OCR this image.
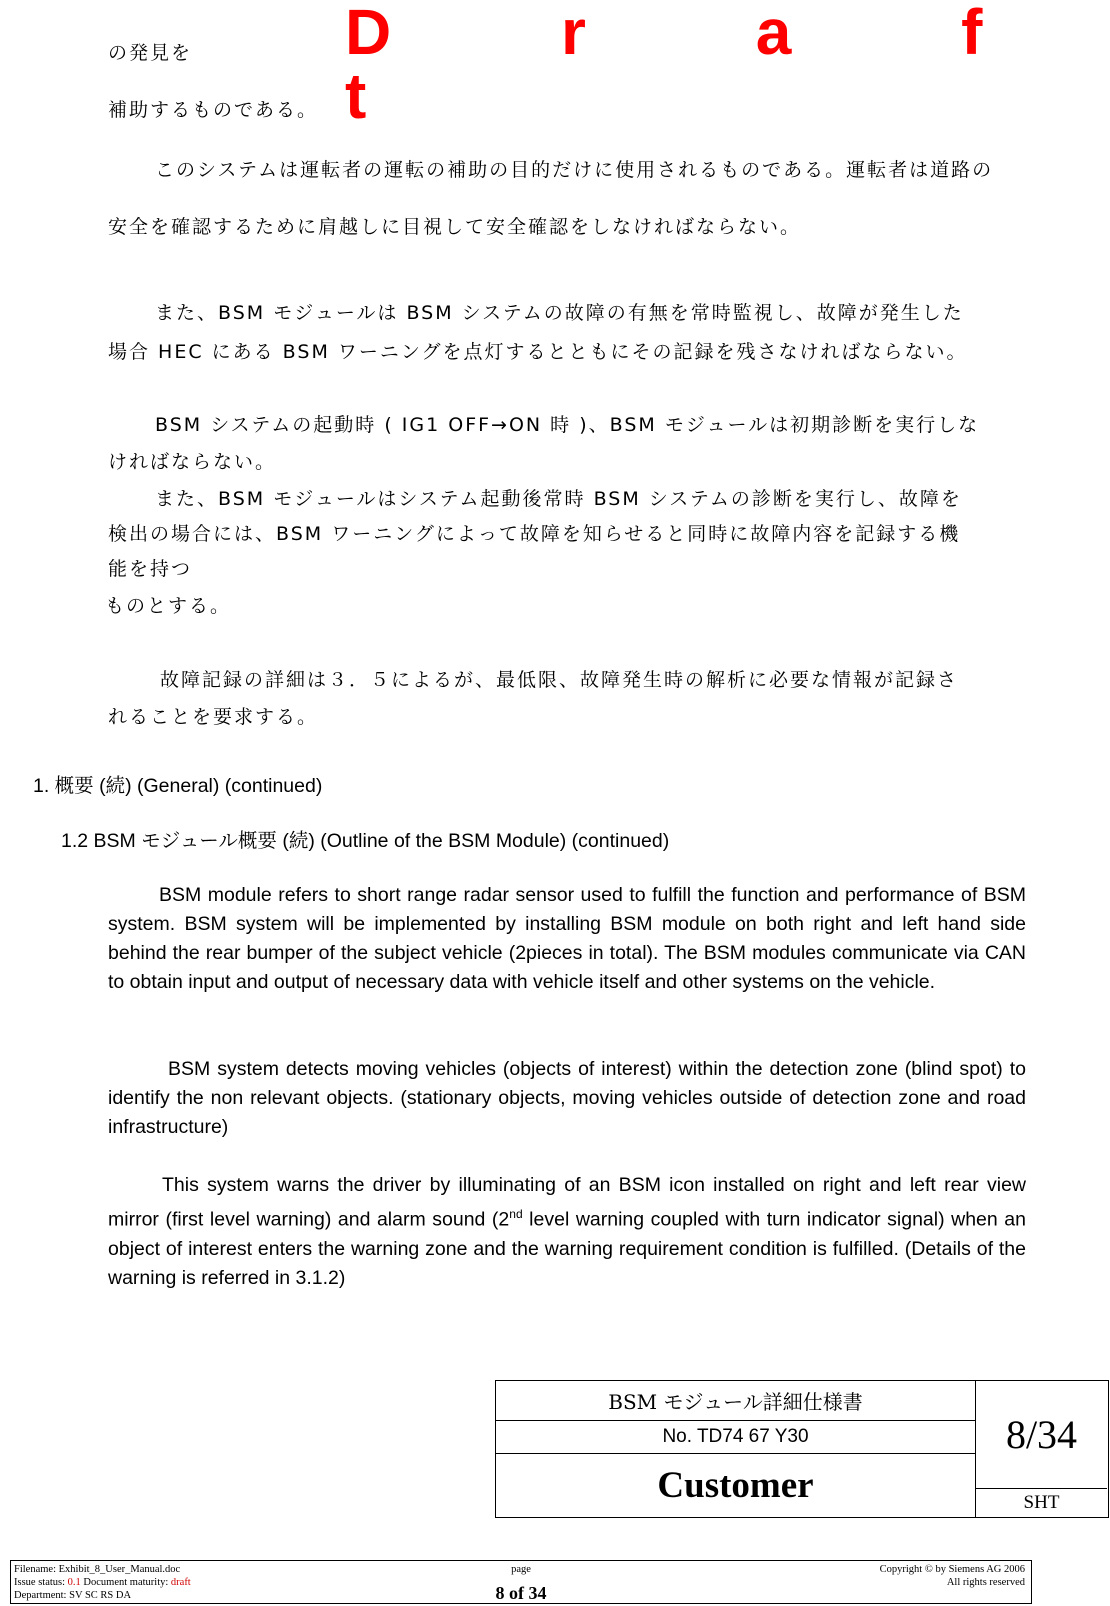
D r a f t
の発見を
補助するものである。
このシステムは運転者の運転の補助の目的だけに使用されるものである。運転者は道路の
安全を確認するために肩越しに目視して安全確認をしなければならない。
また、BSM モジュールは BSM システムの故障の有無を常時監視し、故障が発生した
場合 HEC にある BSM ワーニングを点灯するとともにその記録を残さなければならない。
BSM システムの起動時 ( IG1 OFF→ON 時 )、BSM モジュールは初期診断を実行しな
ければならない。
また、BSM モジュールはシステム起動後常時 BSM システムの診断を実行し、故障を
検出の場合には、BSM ワーニングによって故障を知らせると同時に故障内容を記録する機
能を持つ
ものとする。
故障記録の詳細は３．５によるが、最低限、故障発生時の解析に必要な情報が記録さ
れることを要求する。
1. 概要 (続) (General) (continued)
1.2 BSM モジュール概要 (続) (Outline of the BSM Module) (continued)
BSM module refers to short range radar sensor used to fulfill the function and performance of BSM system. BSM system will be implemented by installing BSM module on both right and left hand side behind the rear bumper of the subject vehicle (2pieces in total). The BSM modules communicate via CAN to obtain input and output of necessary data with vehicle itself and other systems on the vehicle.
BSM system detects moving vehicles (objects of interest) within the detection zone (blind spot) to identify the non relevant objects. (stationary objects, moving vehicles outside of detection zone and road infrastructure)
This system warns the driver by illuminating of an BSM icon installed on right and left rear view mirror (first level warning) and alarm sound (2nd level warning coupled with turn indicator signal) when an object of interest enters the warning zone and the warning requirement condition is fulfilled. (Details of the warning is referred in 3.1.2)
BSM モジュール詳細仕様書
No. TD74 67 Y30
Customer
8/34
SHT
Filename: Exhibit_8_User_Manual.doc
Issue status: 0.1 Document maturity: draft
Department: SV SC RS DA
page
8 of 34
Copyright © by Siemens AG 2006
All rights reserved
